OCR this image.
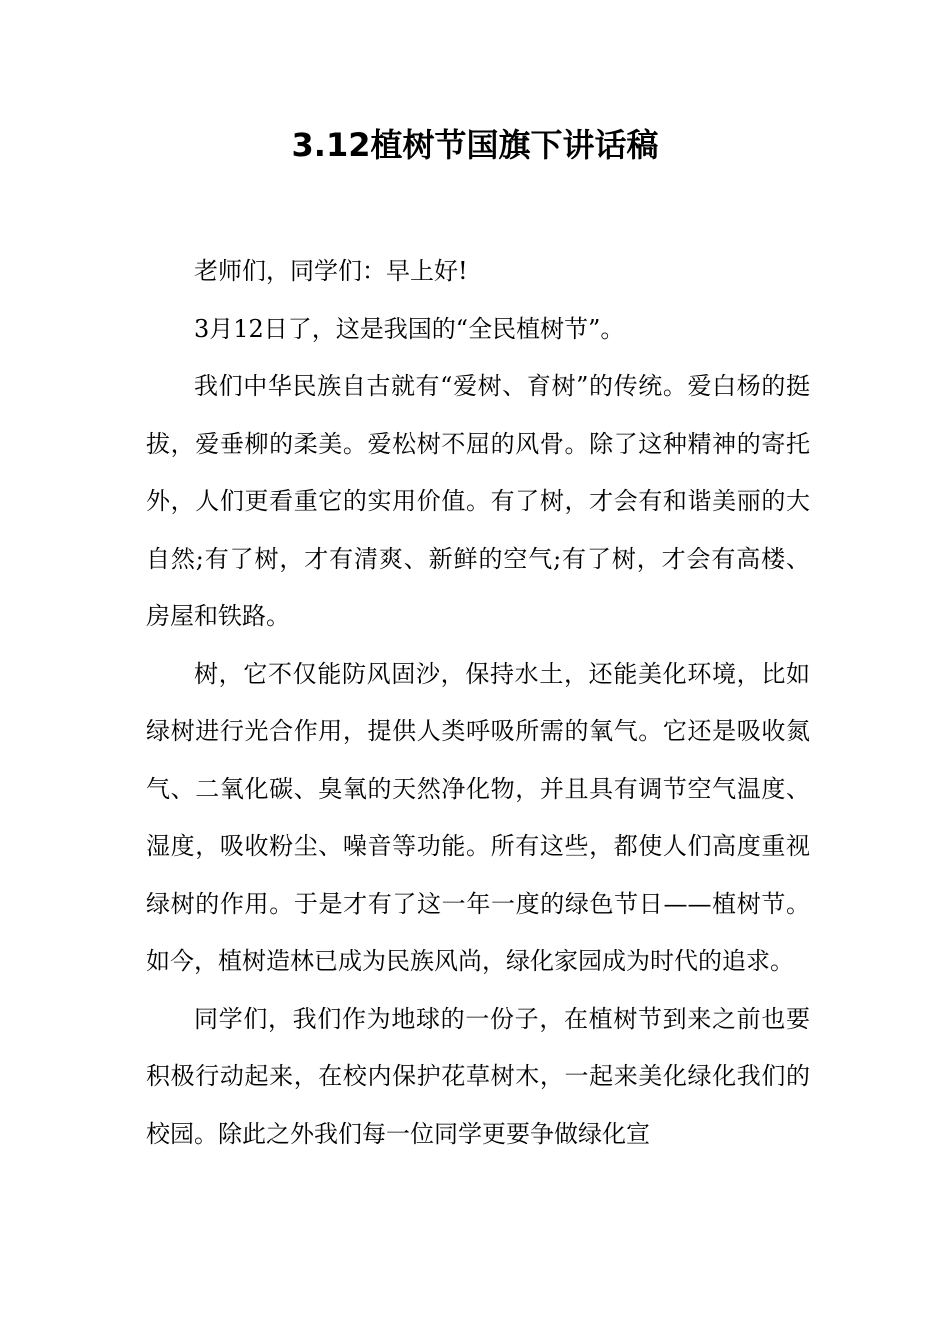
3.12植树节国旗下讲话稿

老师们，同学们：早上好!

3月12日了，这是我国的“全民植树节”。

我们中华民族自古就有“爱树、育树”的传统。爱白杨的挺拔，爱垂柳的柔美。爱松树不屈的风骨。除了这种精神的寄托外，人们更看重它的实用价值。有了树，才会有和谐美丽的大自然;有了树，才有清爽、新鲜的空气;有了树，才会有高楼、房屋和铁路。

树，它不仅能防风固沙，保持水土，还能美化环境，比如绿树进行光合作用，提供人类呼吸所需的氧气。它还是吸收氮气、二氧化碳、臭氧的天然净化物，并且具有调节空气温度、湿度，吸收粉尘、噪音等功能。所有这些，都使人们高度重视绿树的作用。于是才有了这一年一度的绿色节日——植树节。如今，植树造林已成为民族风尚，绿化家园成为时代的追求。

同学们，我们作为地球的一份子，在植树节到来之前也要积极行动起来，在校内保护花草树木，一起来美化绿化我们的校园。除此之外我们每一位同学更要争做绿化宣
